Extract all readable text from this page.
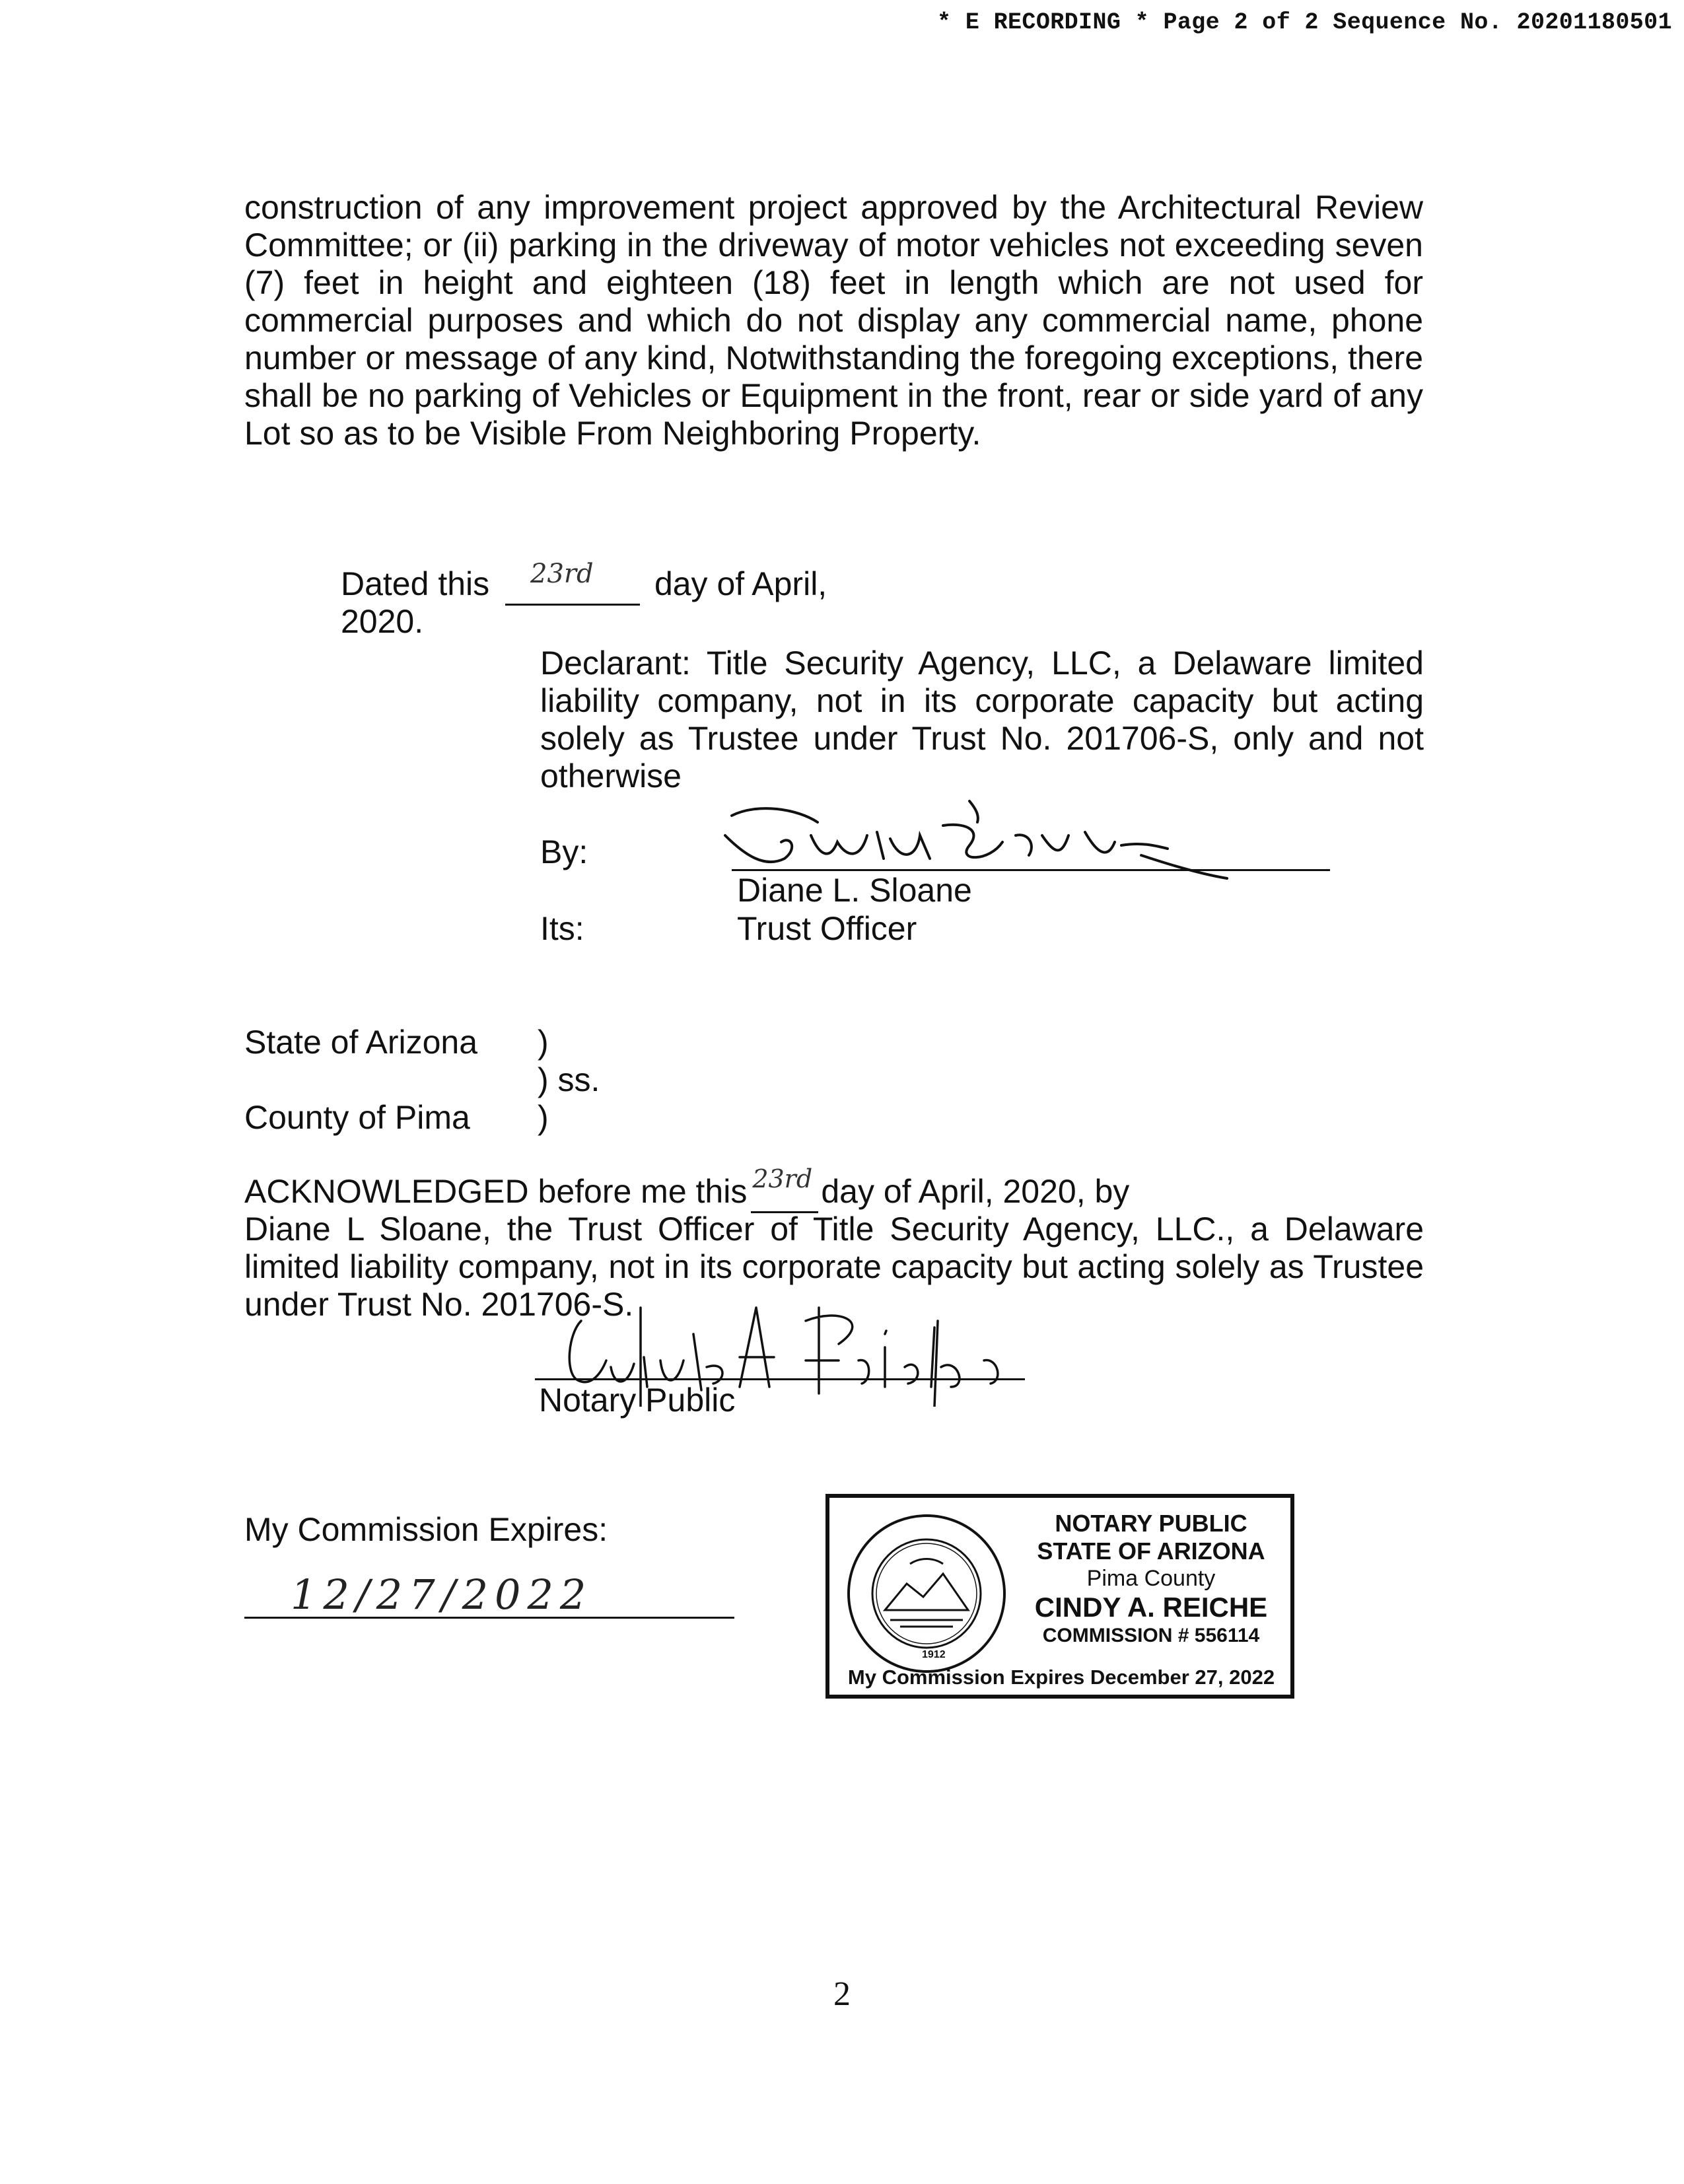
* E RECORDING * Page 2 of 2 Sequence No. 20201180501
construction of any improvement project approved by the Architectural Review
Committee; or (ii) parking in the driveway of motor vehicles not exceeding seven
(7) feet in height and eighteen (18) feet in length which are not used for
commercial purposes and which do not display any commercial name, phone
number or message of any kind, Notwithstanding the foregoing exceptions, there
shall be no parking of Vehicles or Equipment in the front, rear or side yard of any
Lot so as to be Visible From Neighboring Property.
Dated this 23rd day of April, 2020.
Declarant: Title Security Agency, LLC, a Delaware limited
liability company, not in its corporate capacity but acting
solely as Trustee under Trust No. 201706-S, only and not
otherwise
By:
Diane L. Sloane
Its:	Trust Officer
State of Arizona )
) ss.
County of Pima )
ACKNOWLEDGED before me this 23rd day of April, 2020, by
Diane L Sloane, the Trust Officer of Title Security Agency, LLC., a Delaware
limited liability company, not in its corporate capacity but acting solely as Trustee
under Trust No. 201706-S.
Notary Public
My Commission Expires:
12/27/2022
1912
NOTARY PUBLIC
STATE OF ARIZONA
Pima County
CINDY A. REICHE
COMMISSION # 556114
My Commission Expires December 27, 2022
2
